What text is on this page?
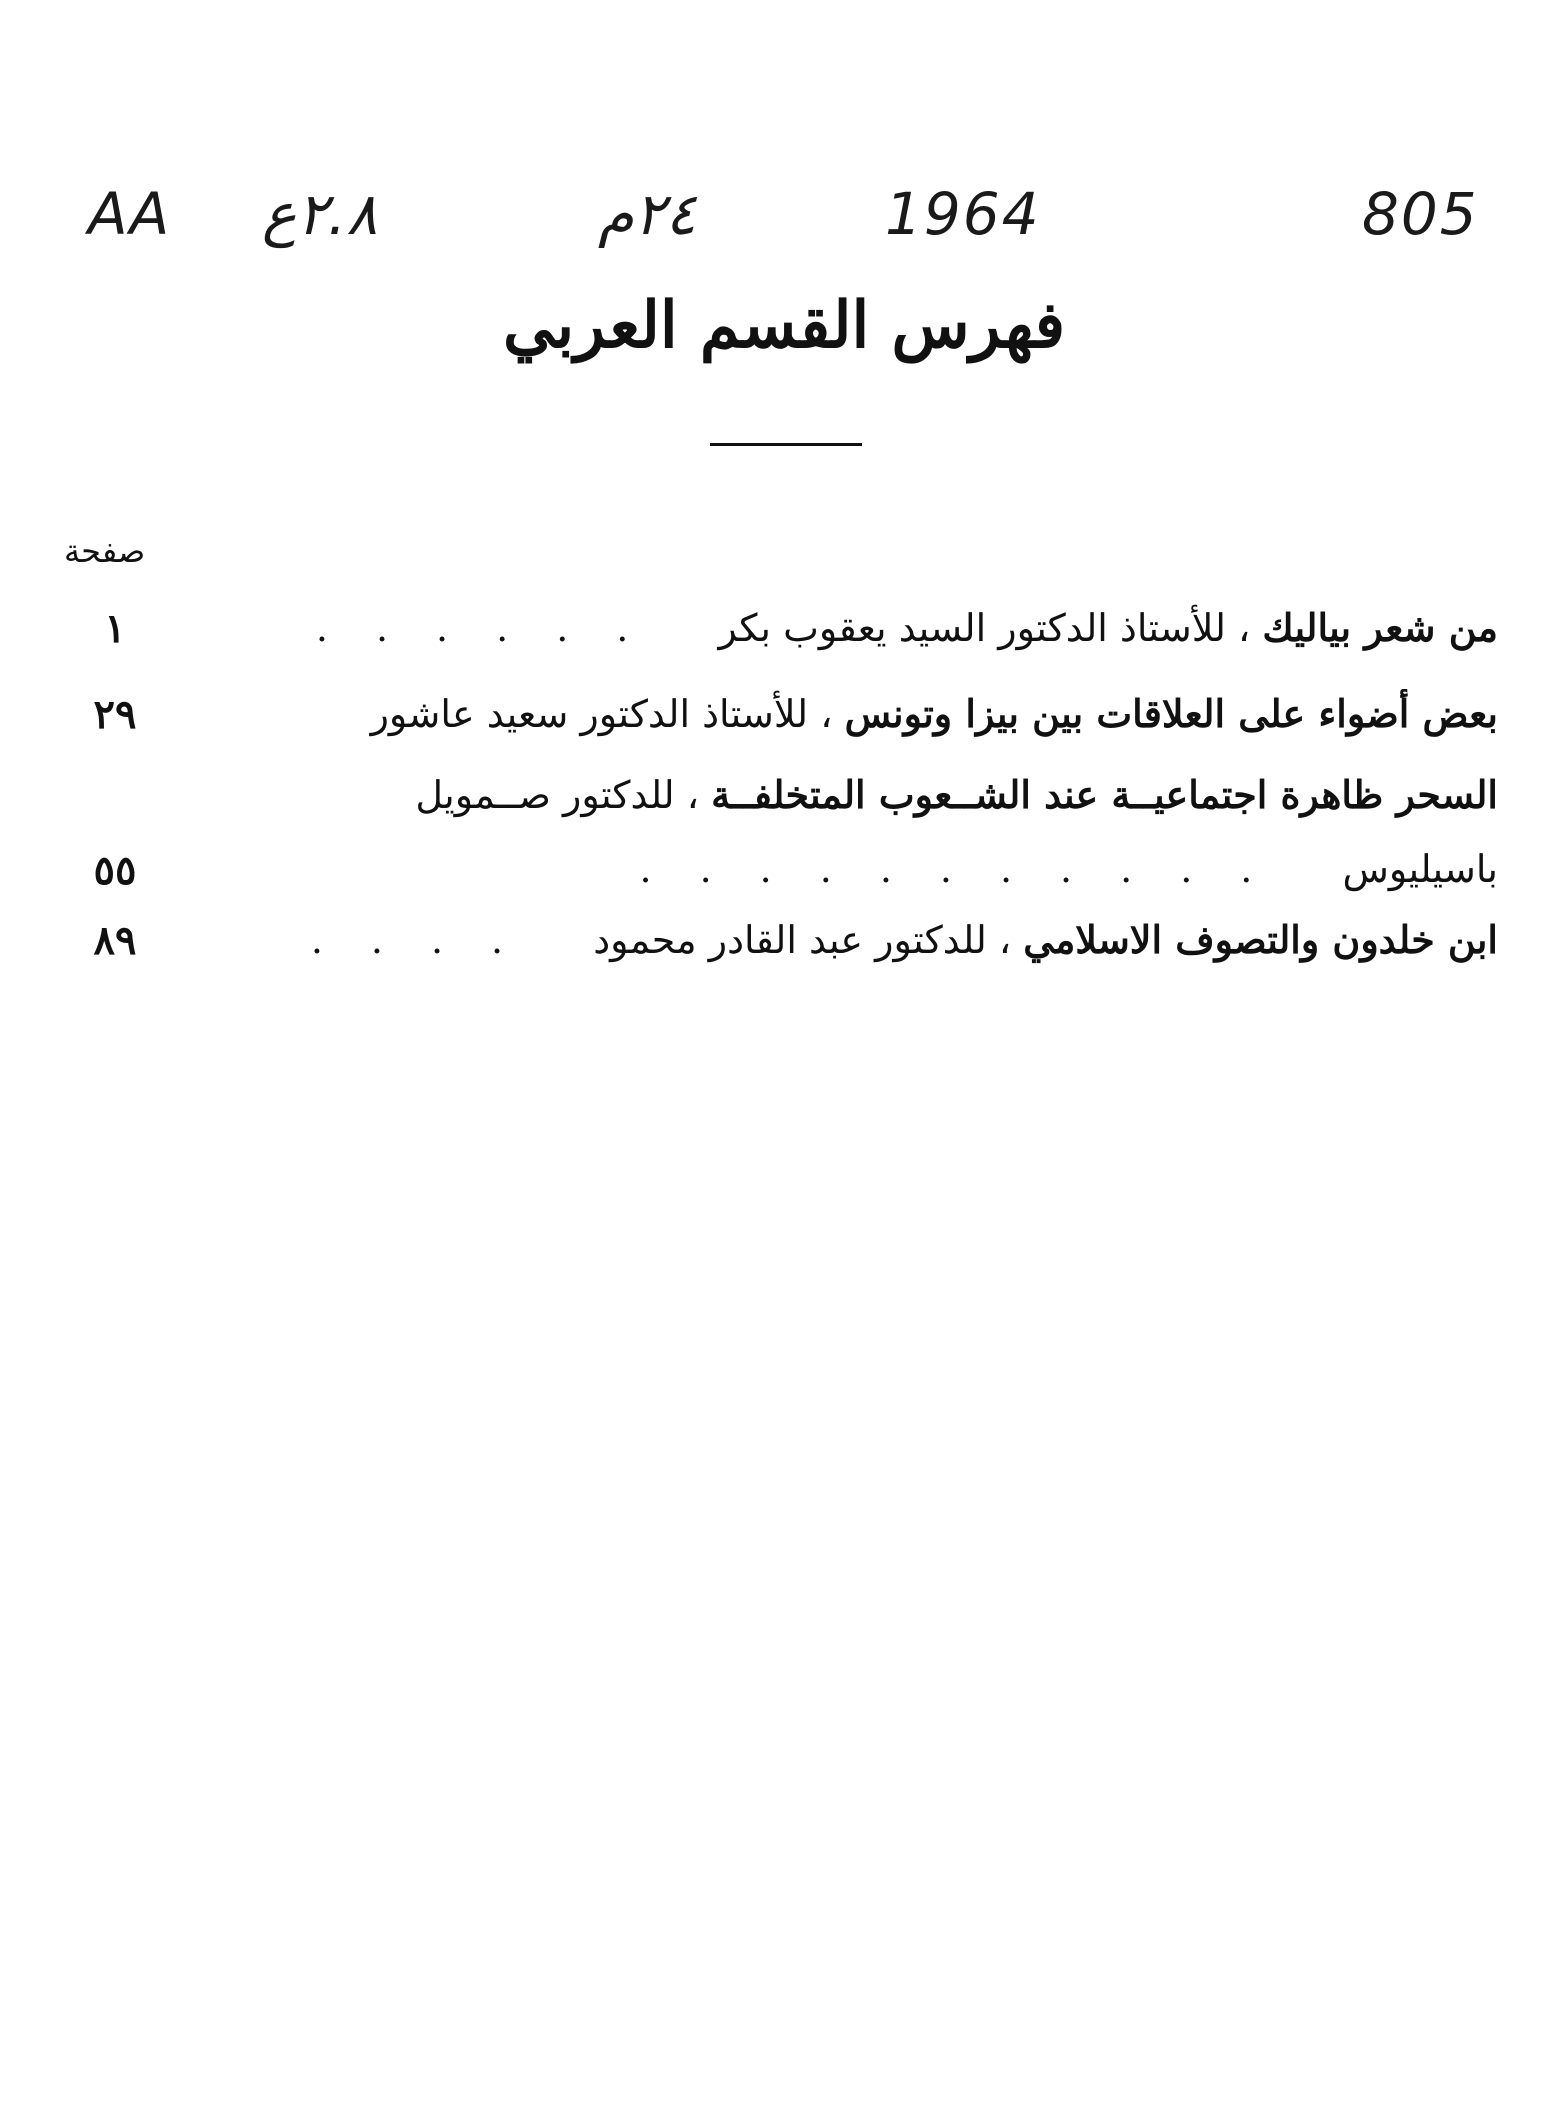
AA ٢.٨ع	٢٤م	1964	805
فهرس القسم العربي
صفحة
من شعر بياليك ، للأستاذ الدكتور السيد يعقوب بكر ......
١
بعض أضواء على العلاقات بين بيزا وتونس ، للأستاذ الدكتور سعيد عاشور
٢٩
السحر ظاهرة اجتماعيــة عند الشــعوب المتخلفــة ، للدكتور صــمويل
باسيليوس ...........
٥٥
ابن خلدون والتصوف الاسلامي ، للدكتور عبد القادر محمود ....
٨٩
